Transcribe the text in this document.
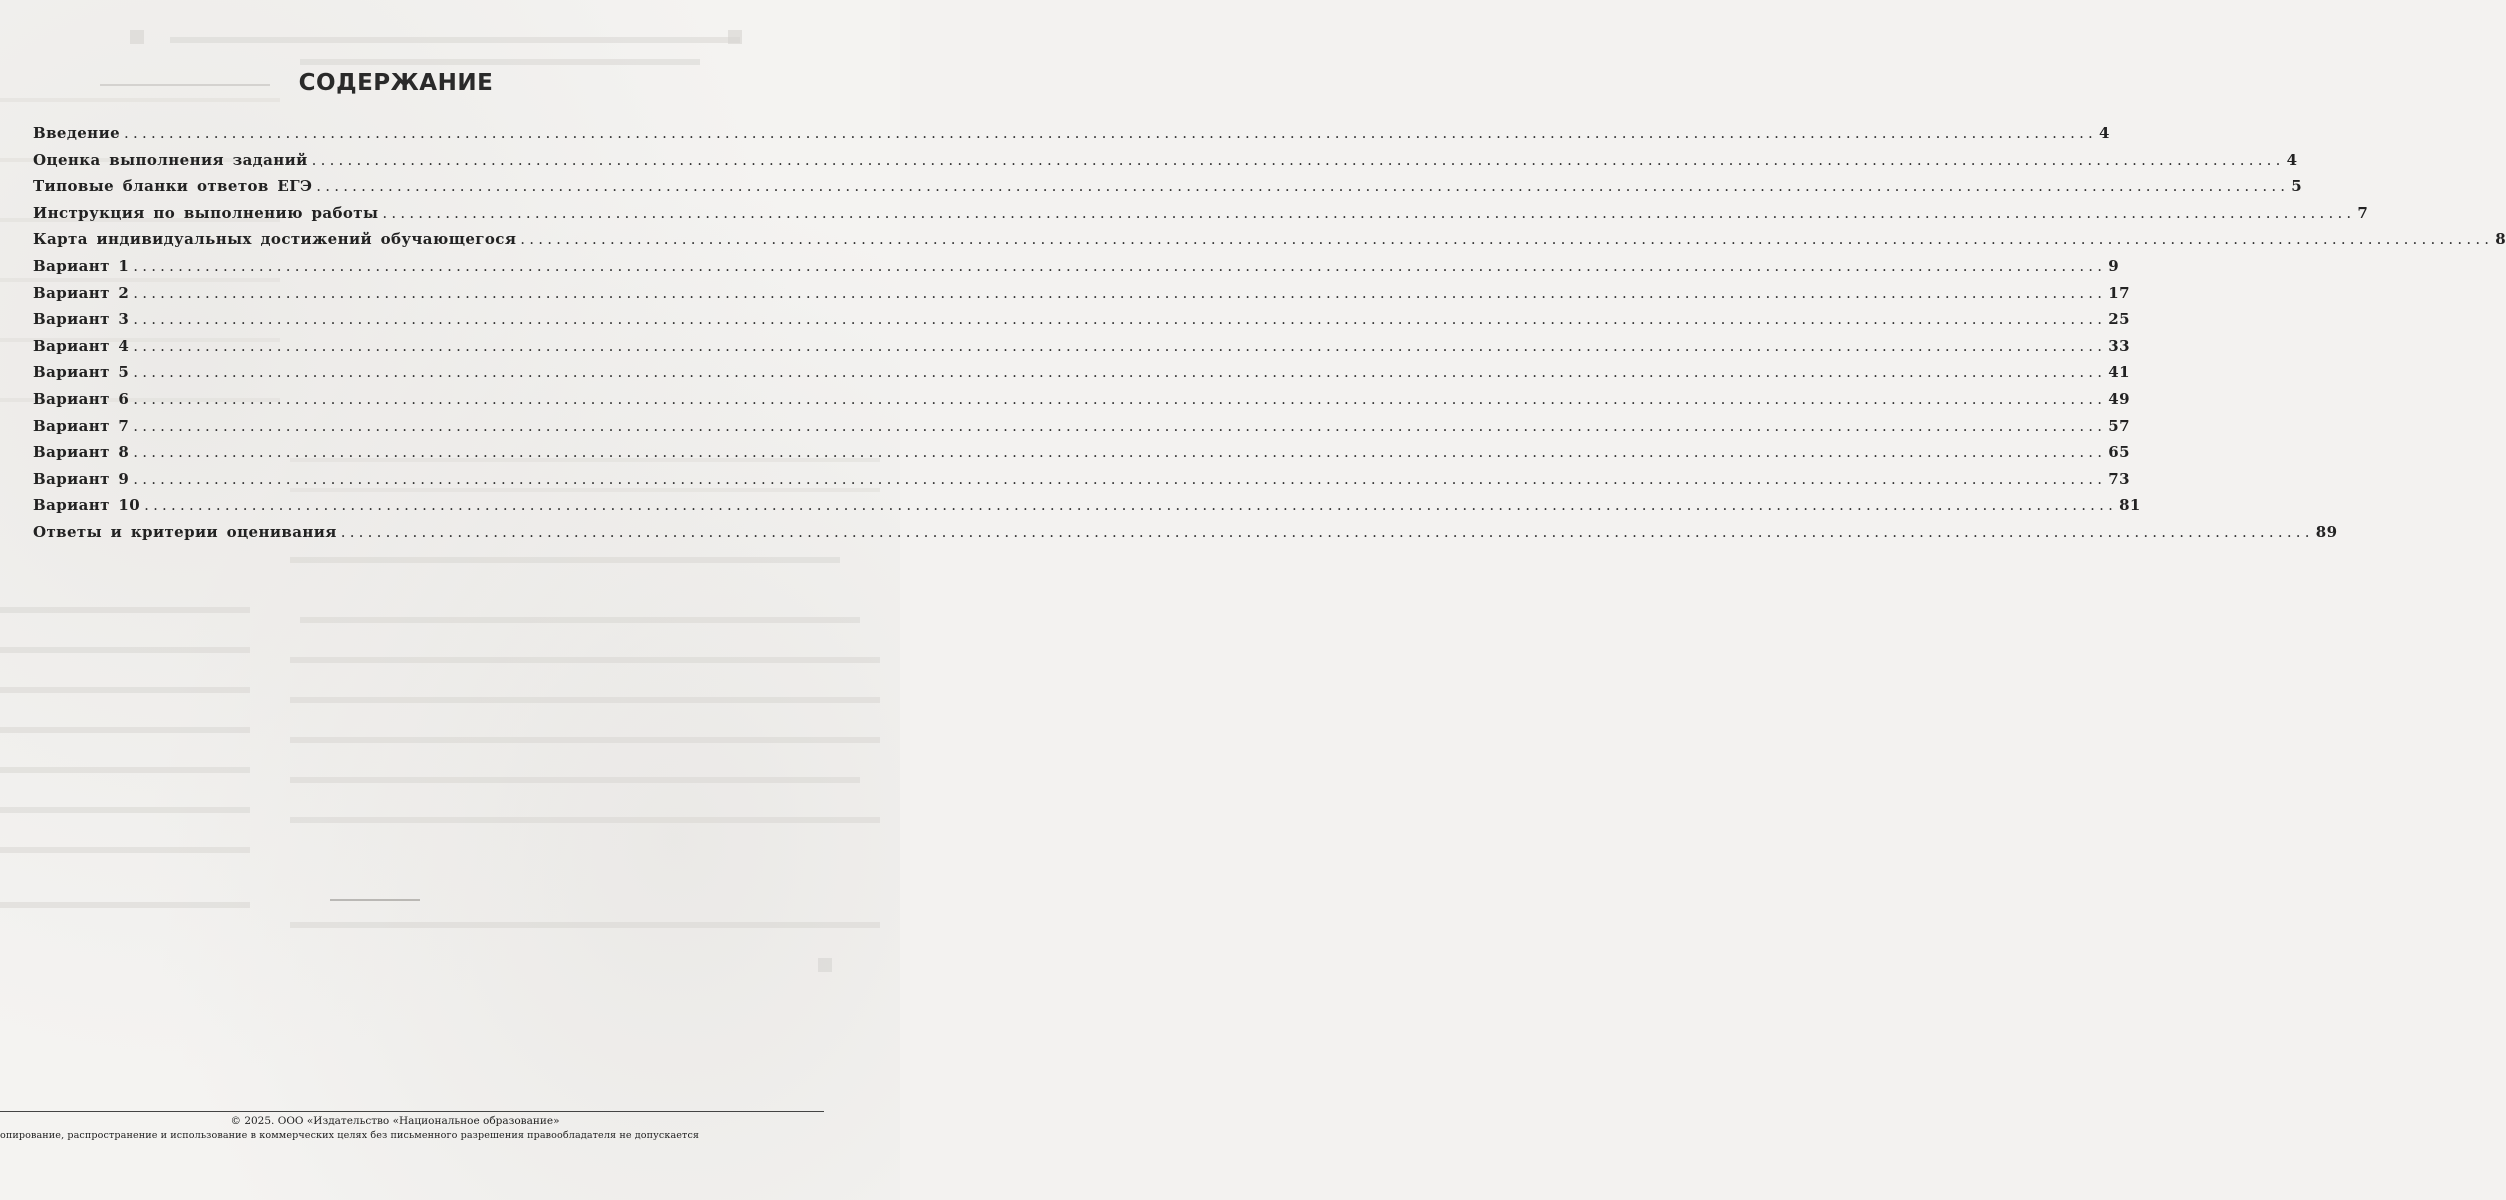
СОДЕРЖАНИЕ
Введение ............................................................................................................................................................................................................................ 4
Оценка выполнения заданий ............................................................................................................................................................................................................................ 4
Типовые бланки ответов ЕГЭ ............................................................................................................................................................................................................................ 5
Инструкция по выполнению работы ............................................................................................................................................................................................................................ 7
Карта индивидуальных достижений обучающегося ............................................................................................................................................................................................................................ 8
Вариант 1 ............................................................................................................................................................................................................................ 9
Вариант 2 ............................................................................................................................................................................................................................ 17
Вариант 3 ............................................................................................................................................................................................................................ 25
Вариант 4 ............................................................................................................................................................................................................................ 33
Вариант 5 ............................................................................................................................................................................................................................ 41
Вариант 6 ............................................................................................................................................................................................................................ 49
Вариант 7 ............................................................................................................................................................................................................................ 57
Вариант 8 ............................................................................................................................................................................................................................ 65
Вариант 9 ............................................................................................................................................................................................................................ 73
Вариант 10 ............................................................................................................................................................................................................................ 81
Ответы и критерии оценивания ............................................................................................................................................................................................................................ 89
© 2025. ООО «Издательство «Национальное образование»
опирование, распространение и использование в коммерческих целях без письменного разрешения правообладателя не допускается
